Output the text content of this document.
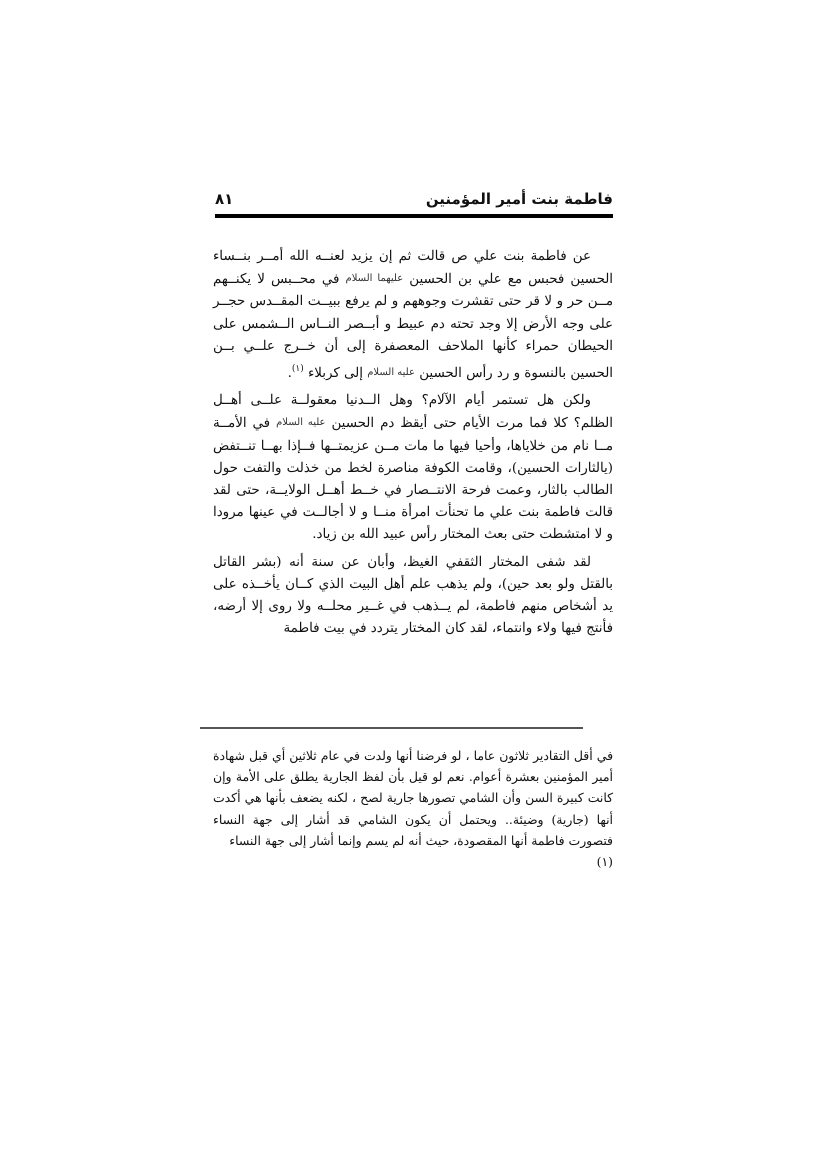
فاطمة بنت أمير المؤمنين
٨١

عن فاطمة بنت علي ص قالت ثم إن يزيد لعنــه الله أمــر بنــساء الحسين فحبس مع علي بن الحسين عليهما السلام في محــبس لا يكنــهم مــن حر و لا قر حتى تقشرت وجوههم و لم يرفع ببيــت المقــدس حجــر على وجه الأرض إلا وجد تحته دم عبيط و أبــصر النــاس الــشمس على الحيطان حمراء كأنها الملاحف المعصفرة إلى أن خــرج علــي بــن الحسين بالنسوة و رد رأس الحسين عليه السلام إلى كربلاء $^{(١)}$.

ولكن هل تستمر أيام الآلام؟ وهل الــدنيا معقولــة علــى أهــل الظلم؟ كلا فما مرت الأيام حتى أيقظ دم الحسين عليه السلام في الأمــة مــا نام من خلاياها، وأحيا فيها ما مات مــن عزيمتــها فــإذا بهــا تنــتفض (يالثارات الحسين)، وقامت الكوفة مناصرة لخط من خذلت والتفت حول الطالب بالثار، وعمت فرحة الانتــصار في خــط أهــل الولايــة، حتى لقد قالت فاطمة بنت علي ما تحنأت امرأة منــا و لا أجالــت في عينها مرودا و لا امتشطت حتى بعث المختار رأس عبيد الله بن زياد.

لقد شفى المختار الثقفي الغيظ، وأبان عن سنة أنه (بشر القاتل بالقتل ولو بعد حين)، ولم يذهب علم أهل البيت الذي كــان يأخــذه على يد أشخاص منهم فاطمة، لم يــذهب في غــير محلــه ولا روى إلا أرضه، فأنتج فيها ولاء وانتماء، لقد كان المختار يتردد في بيت فاطمة

في أقل التقادير ثلاثون عاما ، لو فرضنا أنها ولدت في عام ثلاثين أي قبل شهادة أمير المؤمنين بعشرة أعوام. نعم لو قيل بأن لفظ الجارية يطلق على الأمة وإن كانت كبيرة السن وأن الشامي تصورها جارية لصح ، لكنه يضعف بأنها هي أكدت أنها (جارية) وضيئة.. ويحتمل أن يكون الشامي قد أشار إلى جهة النساء فتصورت فاطمة أنها المقصودة، حيث أنه لم يسم وإنما أشار إلى جهة النساء

(١)
